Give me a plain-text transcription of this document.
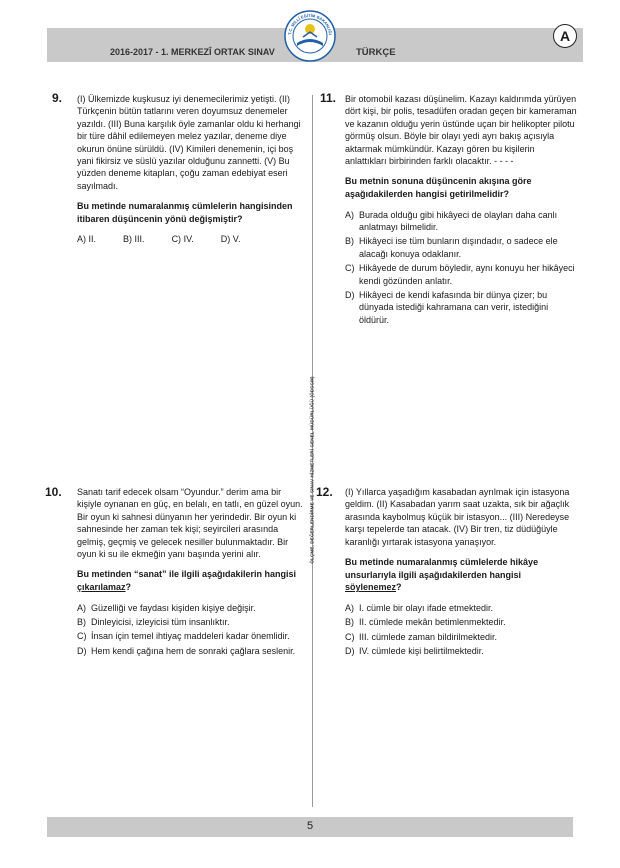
2016-2017 - 1. MERKEZÎ ORTAK SINAV	TÜRKÇE
T.C. MİLLÎ EĞİTİM BAKANLIĞI	A
ÖLÇME, DEĞERLENDİRME VE SINAV HİZMETLERİ GENEL MÜDÜRLÜĞÜ (ÖDSGM)
9. (I) Ülkemizde kuşkusuz iyi denemecilerimiz yetişti. (II) Türkçenin bütün tatlarını veren doyumsuz denemeler yazıldı. (III) Buna karşılık öyle zamanlar oldu ki herhangi bir türe dâhil edilemeyen melez yazılar, deneme diye okurun önüne sürüldü. (IV) Kimileri denemenin, içi boş yani fikirsiz ve süslü yazılar olduğunu zannetti. (V) Bu yüzden deneme kitapları, çoğu zaman edebiyat eseri sayılmadı.

Bu metinde numaralanmış cümlelerin hangisinden itibaren düşüncenin yönü değişmiştir?

A) II.	B) III.	C) IV.	D) V.
10. Sanatı tarif edecek olsam “Oyundur.” derim ama bir kişiyle oynanan en güç, en belalı, en tatlı, en güzel oyun. Bir oyun ki sahnesi dünyanın her yerindedir. Bir oyun ki sahnesinde her zaman tek kişi; seyircileri arasında gelmiş, geçmiş ve gelecek nesiller bulunmaktadır. Bir oyun ki su ile ekmeğin yanı başında yerini alır.

Bu metinden “sanat” ile ilgili aşağıdakilerin hangisi çıkarılamaz?

A) Güzelliği ve faydası kişiden kişiye değişir.
B) Dinleyicisi, izleyicisi tüm insanlıktır.
C) İnsan için temel ihtiyaç maddeleri kadar önemlidir.
D) Hem kendi çağına hem de sonraki çağlara seslenir.
11. Bir otomobil kazası düşünelim. Kazayı kaldırımda yürüyen dört kişi, bir polis, tesadüfen oradan geçen bir kameraman ve kazanın olduğu yerin üstünde uçan bir helikopter pilotu görmüş olsun. Böyle bir olayı yedi ayrı bakış açısıyla aktarmak mümkündür. Kazayı gören bu kişilerin anlattıkları birbirinden farklı olacaktır. - - - -

Bu metnin sonuna düşüncenin akışına göre aşağıdakilerden hangisi getirilmelidir?

A) Burada olduğu gibi hikâyeci de olayları daha canlı anlatmayı bilmelidir.
B) Hikâyeci ise tüm bunların dışındadır, o sadece ele alacağı konuya odaklanır.
C) Hikâyede de durum böyledir, aynı konuyu her hikâyeci kendi gözünden anlatır.
D) Hikâyeci de kendi kafasında bir dünya çizer; bu dünyada istediği kahramana can verir, istediğini öldürür.
12. (I) Yıllarca yaşadığım kasabadan ayrılmak için istasyona geldim. (II) Kasabadan yarım saat uzakta, sık bir ağaçlık arasında kaybolmuş küçük bir istasyon... (III) Neredeyse karşı tepelerde tan atacak. (IV) Bir tren, tiz düdüğüyle karanlığı yırtarak istasyona yanaşıyor.

Bu metinde numaralanmış cümlelerde hikâye unsurlarıyla ilgili aşağıdakilerden hangisi söylenemez?

A) I. cümle bir olayı ifade etmektedir.
B) II. cümlede mekân betimlenmektedir.
C) III. cümlede zaman bildirilmektedir.
D) IV. cümlede kişi belirtilmektedir.
5
